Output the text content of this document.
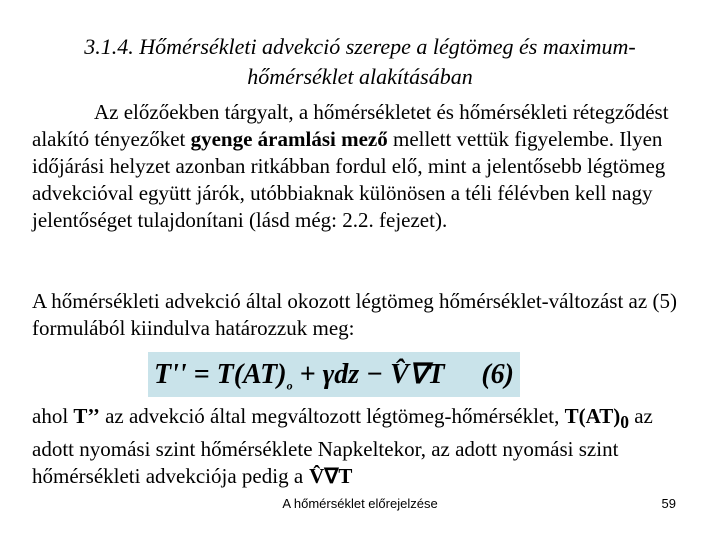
3.1.4. Hőmérsékleti advekció szerepe a légtömeg és maximum-
hőmérséklet alakításában
Az előzőekben tárgyalt, a hőmérsékletet és hőmérsékleti rétegződést alakító tényezőket gyenge áramlási mező mellett vettük figyelembe. Ilyen időjárási helyzet azonban ritkábban fordul elő, mint a jelentősebb légtömeg advekcióval együtt járók, utóbbiaknak különösen a téli félévben kell nagy jelentőséget tulajdonítani (lásd még: 2.2. fejezet).
A hőmérsékleti advekció által okozott légtömeg hőmérséklet-változást az (5) formulából kiindulva határozzuk meg:
$T'' = T(AT)_o + \gamma dz$ − V̂∇T (6)
ahol T’’ az advekció által megváltozott légtömeg-hőmérséklet, $T(AT)_0$ az adott nyomási szint hőmérséklete Napkeltekor, az adott nyomási szint hőmérsékleti advekciója pedig a V̂∇T
A hőmérséklet előrejelzése	59
